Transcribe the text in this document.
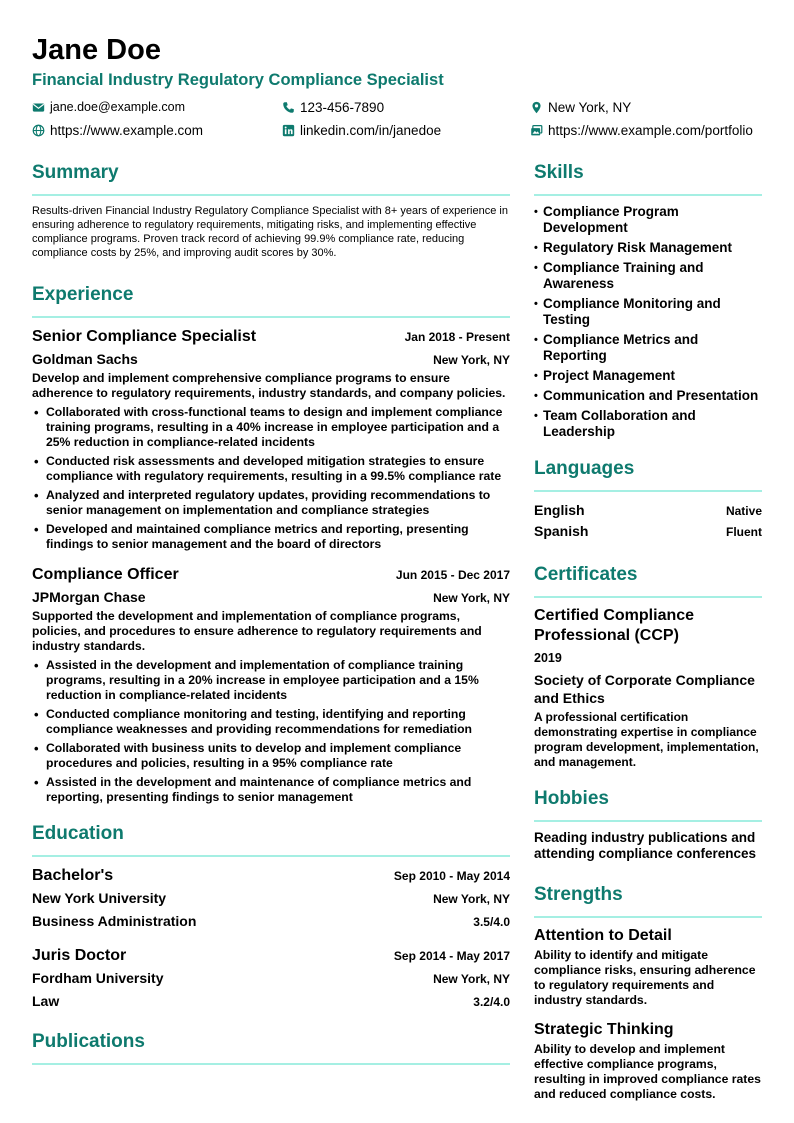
Jane Doe
Financial Industry Regulatory Compliance Specialist
jane.doe@example.com	123-456-7890	New York, NY
https://www.example.com	linkedin.com/in/janedoe	https://www.example.com/portfolio
Summary
Results-driven Financial Industry Regulatory Compliance Specialist with 8+ years of experience in ensuring adherence to regulatory requirements, mitigating risks, and implementing effective compliance programs. Proven track record of achieving 99.9% compliance rate, reducing compliance costs by 25%, and improving audit scores by 30%.
Experience
Senior Compliance Specialist	Jan 2018 - Present
Goldman Sachs	New York, NY
Develop and implement comprehensive compliance programs to ensure adherence to regulatory requirements, industry standards, and company policies.
• Collaborated with cross-functional teams to design and implement compliance training programs, resulting in a 40% increase in employee participation and a 25% reduction in compliance-related incidents
• Conducted risk assessments and developed mitigation strategies to ensure compliance with regulatory requirements, resulting in a 99.5% compliance rate
• Analyzed and interpreted regulatory updates, providing recommendations to senior management on implementation and compliance strategies
• Developed and maintained compliance metrics and reporting, presenting findings to senior management and the board of directors
Compliance Officer	Jun 2015 - Dec 2017
JPMorgan Chase	New York, NY
Supported the development and implementation of compliance programs, policies, and procedures to ensure adherence to regulatory requirements and industry standards.
• Assisted in the development and implementation of compliance training programs, resulting in a 20% increase in employee participation and a 15% reduction in compliance-related incidents
• Conducted compliance monitoring and testing, identifying and reporting compliance weaknesses and providing recommendations for remediation
• Collaborated with business units to develop and implement compliance procedures and policies, resulting in a 95% compliance rate
• Assisted in the development and maintenance of compliance metrics and reporting, presenting findings to senior management
Education
Bachelor's	Sep 2010 - May 2014
New York University	New York, NY
Business Administration	3.5/4.0
Juris Doctor	Sep 2014 - May 2017
Fordham University	New York, NY
Law	3.2/4.0
Publications
Skills
• Compliance Program Development
• Regulatory Risk Management
• Compliance Training and Awareness
• Compliance Monitoring and Testing
• Compliance Metrics and Reporting
• Project Management
• Communication and Presentation
• Team Collaboration and Leadership
Languages
English	Native
Spanish	Fluent
Certificates
Certified Compliance Professional (CCP)
2019
Society of Corporate Compliance and Ethics
A professional certification demonstrating expertise in compliance program development, implementation, and management.
Hobbies
Reading industry publications and attending compliance conferences
Strengths
Attention to Detail
Ability to identify and mitigate compliance risks, ensuring adherence to regulatory requirements and industry standards.
Strategic Thinking
Ability to develop and implement effective compliance programs, resulting in improved compliance rates and reduced compliance costs.
